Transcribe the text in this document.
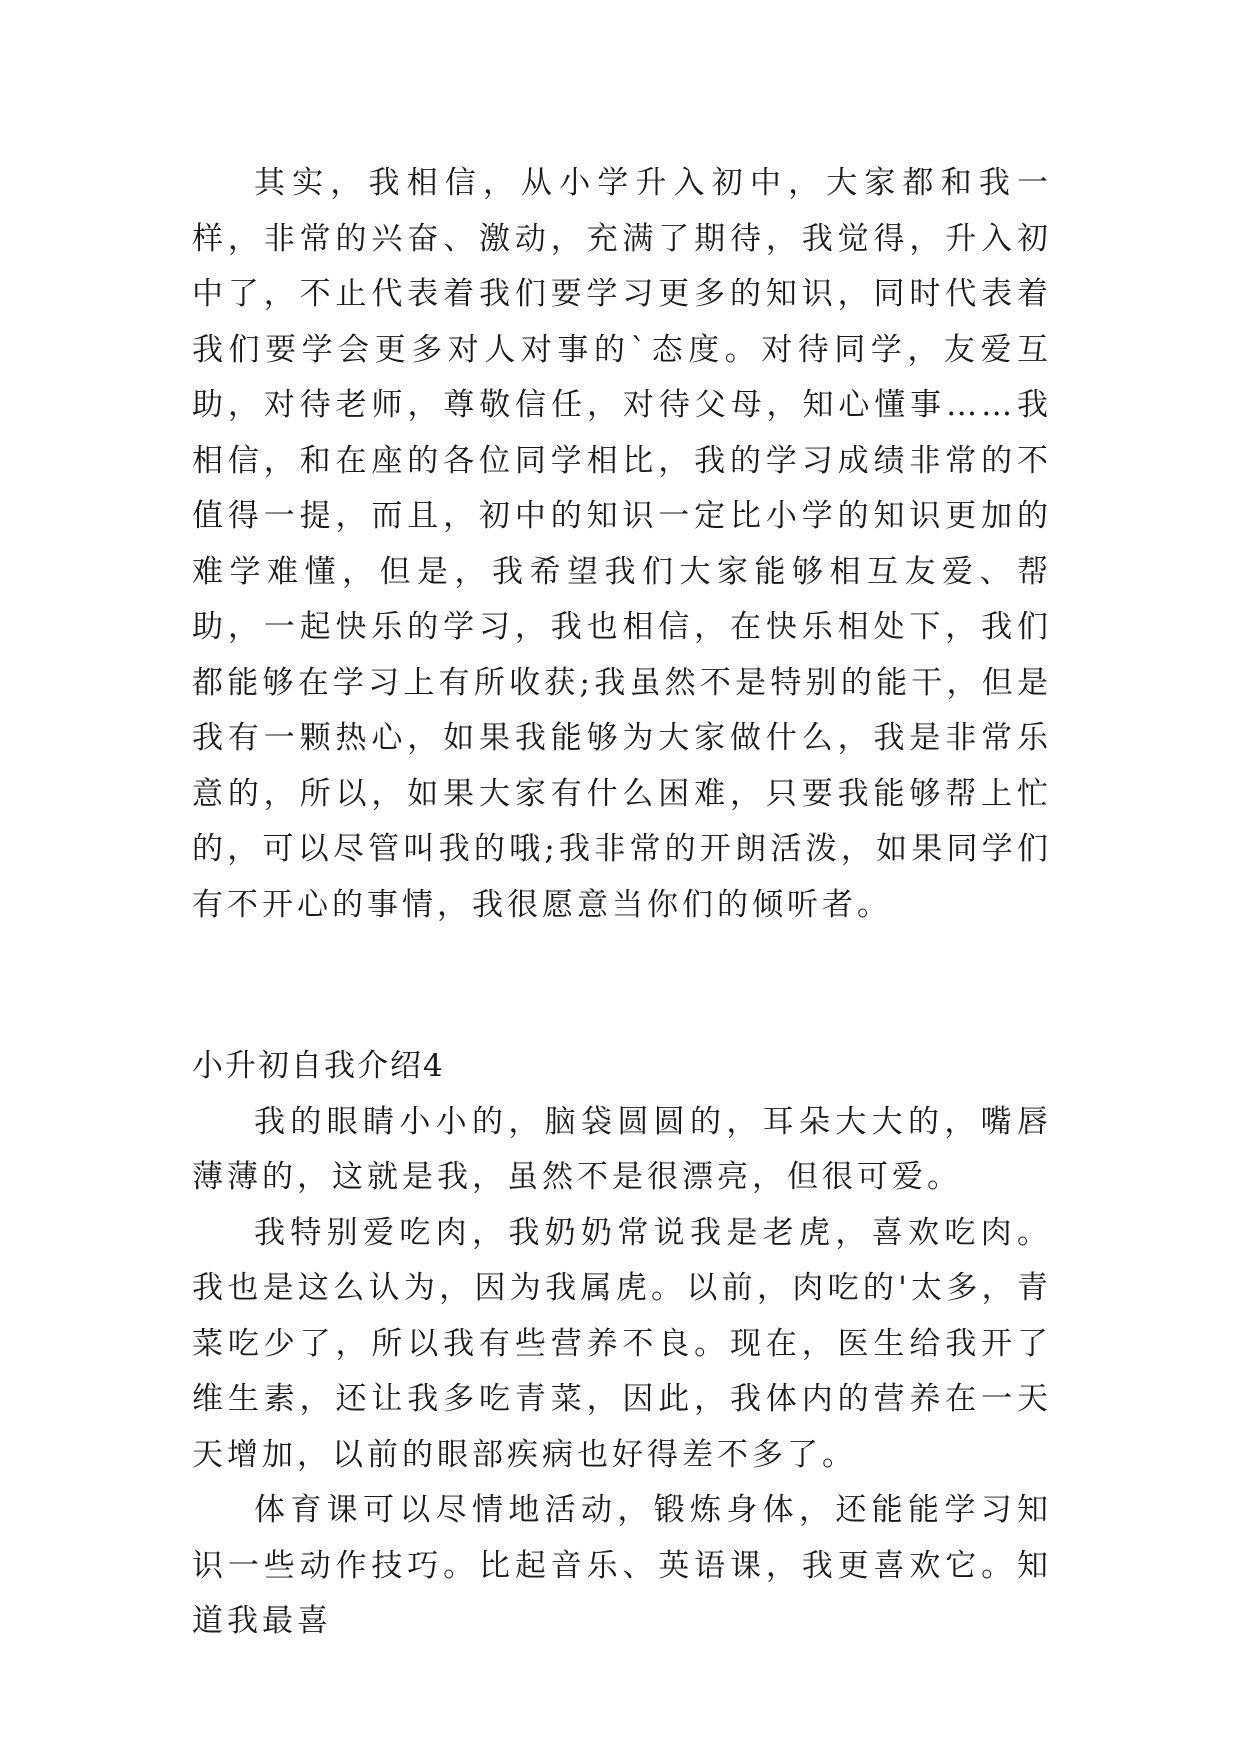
其实，我相信，从小学升入初中，大家都和我一样，非常的兴奋、激动，充满了期待，我觉得，升入初中了，不止代表着我们要学习更多的知识，同时代表着我们要学会更多对人对事的`态度。对待同学，友爱互助，对待老师，尊敬信任，对待父母，知心懂事……我相信，和在座的各位同学相比，我的学习成绩非常的不值得一提，而且，初中的知识一定比小学的知识更加的难学难懂，但是，我希望我们大家能够相互友爱、帮助，一起快乐的学习，我也相信，在快乐相处下，我们都能够在学习上有所收获;我虽然不是特别的能干，但是我有一颗热心，如果我能够为大家做什么，我是非常乐意的，所以，如果大家有什么困难，只要我能够帮上忙的，可以尽管叫我的哦;我非常的开朗活泼，如果同学们有不开心的事情，我很愿意当你们的倾听者。

小升初自我介绍4

我的眼睛小小的，脑袋圆圆的，耳朵大大的，嘴唇薄薄的，这就是我，虽然不是很漂亮，但很可爱。

我特别爱吃肉，我奶奶常说我是老虎，喜欢吃肉。我也是这么认为，因为我属虎。以前，肉吃的'太多，青菜吃少了，所以我有些营养不良。现在，医生给我开了维生素，还让我多吃青菜，因此，我体内的营养在一天天增加，以前的眼部疾病也好得差不多了。

体育课可以尽情地活动，锻炼身体，还能能学习知识一些动作技巧。比起音乐、英语课，我更喜欢它。知道我最喜
